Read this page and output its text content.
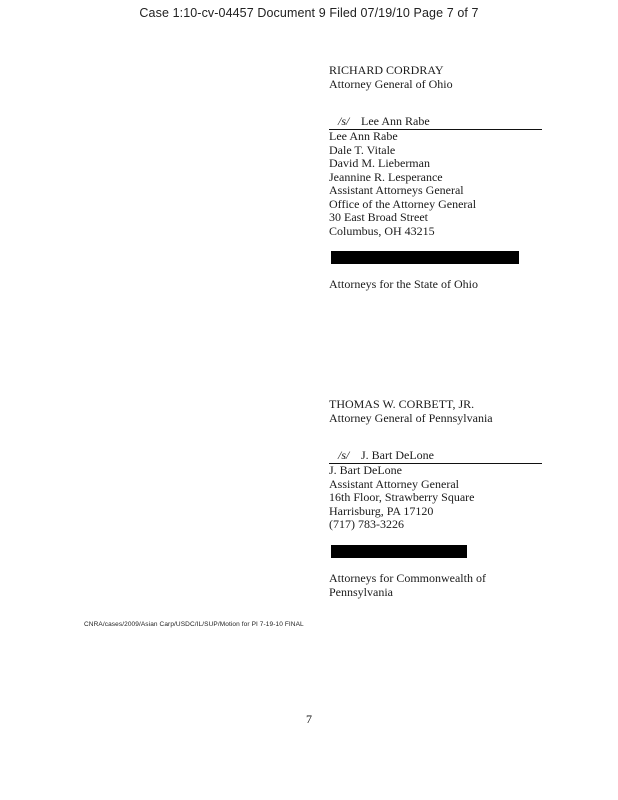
Case 1:10-cv-04457 Document 9 Filed 07/19/10 Page 7 of 7
RICHARD CORDRAY
Attorney General of Ohio
/s/ Lee Ann Rabe
Lee Ann Rabe
Dale T. Vitale
David M. Lieberman
Jeannine R. Lesperance
Assistant Attorneys General
Office of the Attorney General
30 East Broad Street
Columbus, OH 43215
Attorneys for the State of Ohio
THOMAS W. CORBETT, JR.
Attorney General of Pennsylvania
/s/ J. Bart DeLone
J. Bart DeLone
Assistant Attorney General
16th Floor, Strawberry Square
Harrisburg, PA 17120
(717) 783-3226
Attorneys for Commonwealth of
Pennsylvania
CNRA/cases/2009/Asian Carp/USDC/IL/SUP/Motion for PI 7-19-10 FINAL
7
